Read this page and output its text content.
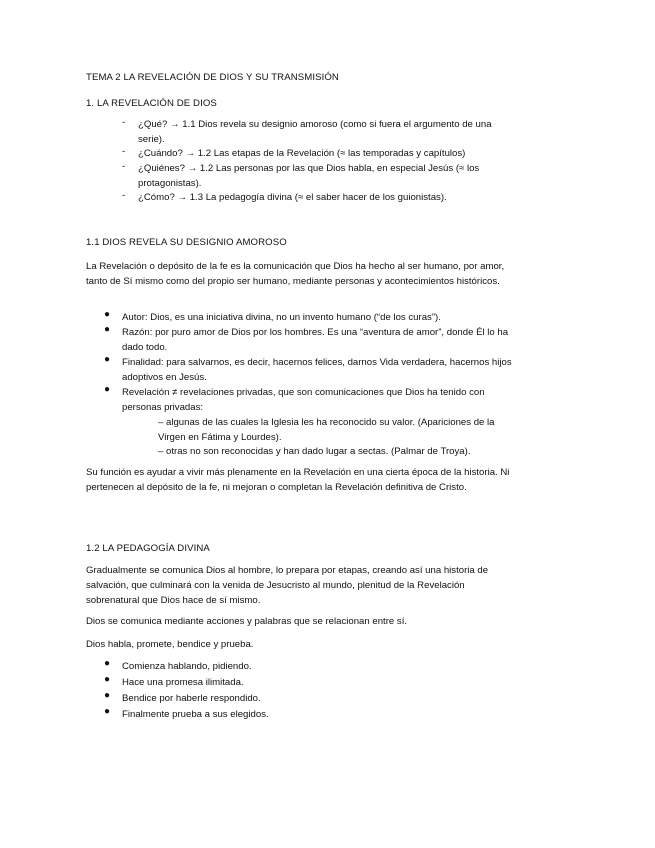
TEMA 2 LA REVELACIÓN DE DIOS Y SU TRANSMISIÓN
1. LA REVELACIÓN DE DIOS
- ¿Qué? → 1.1 Dios revela su designio amoroso (como si fuera el argumento de una serie).
- ¿Cuándo? → 1.2 Las etapas de la Revelación (≈ las temporadas y capítulos)
- ¿Quiénes? → 1.2 Las personas por las que Dios habla, en especial Jesús (≈ los protagonistas).
- ¿Cómo? → 1.3 La pedagogía divina (≈ el saber hacer de los guionistas).
1.1 DIOS REVELA SU DESIGNIO AMOROSO
La Revelación o depósito de la fe es la comunicación que Dios ha hecho al ser humano, por amor, tanto de Sí mismo como del propio ser humano, mediante personas y acontecimientos históricos.
● Autor: Dios, es una iniciativa divina, no un invento humano (“de los curas”).
● Razón: por puro amor de Dios por los hombres. Es una “aventura de amor”, donde Él lo ha dado todo.
● Finalidad: para salvarnos, es decir, hacernos felices, darnos Vida verdadera, hacernos hijos adoptivos en Jesús.
● Revelación ≠ revelaciones privadas, que son comunicaciones que Dios ha tenido con personas privadas:
– algunas de las cuales la Iglesia les ha reconocido su valor. (Apariciones de la Virgen en Fátima y Lourdes).
– otras no son reconocidas y han dado lugar a sectas. (Palmar de Troya).
Su función es ayudar a vivir más plenamente en la Revelación en una cierta época de la historia. Ni pertenecen al depósito de la fe, ni mejoran o completan la Revelación definitiva de Cristo.
1.2 LA PEDAGOGÍA DIVINA
Gradualmente se comunica Dios al hombre, lo prepara por etapas, creando así una historia de salvación, que culminará con la venida de Jesucristo al mundo, plenitud de la Revelación sobrenatural que Dios hace de sí mismo.
Dios se comunica mediante acciones y palabras que se relacionan entre sí.
Dios habla, promete, bendice y prueba.
● Comienza hablando, pidiendo.
● Hace una promesa ilimitada.
● Bendice por haberle respondido.
● Finalmente prueba a sus elegidos.
